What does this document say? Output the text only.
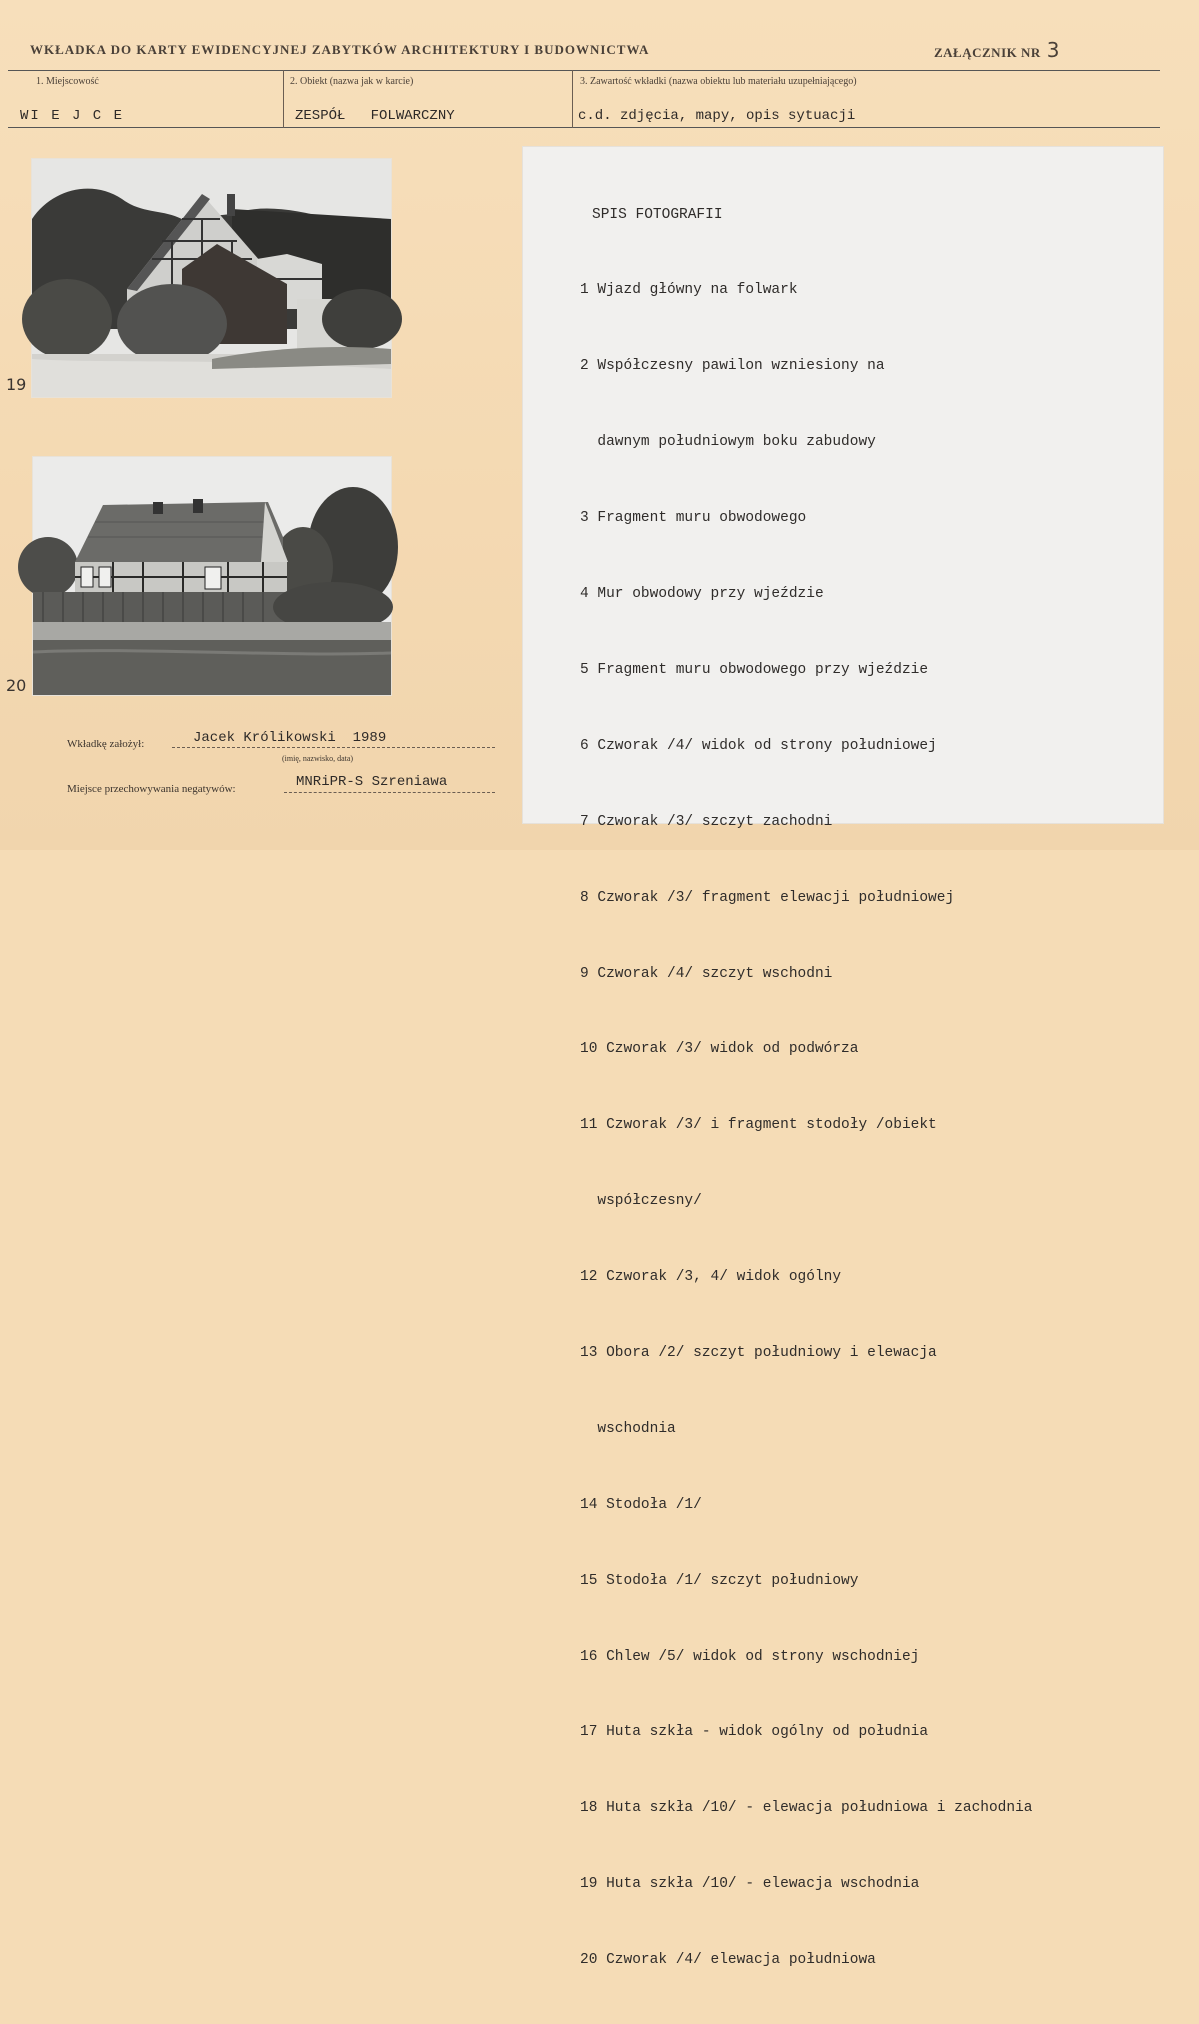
WKŁADKA DO KARTY EWIDENCYJNEJ ZABYTKÓW ARCHITEKTURY I BUDOWNICTWA	ZAŁĄCZNIK NR 3
1. Miejscowość
WI E J C E
2. Obiekt (nazwa jak w karcie)
ZESPÓŁ   FOLWARCZNY
3. Zawartość wkładki (nazwa obiektu lub materiału uzupełniającego)
c.d. zdjęcia, mapy, opis sytuacji
19
20

SPIS FOTOGRAFII

1 Wjazd główny na folwark

2 Współczesny pawilon wzniesiony na

dawnym południowym boku zabudowy

3 Fragment muru obwodowego

4 Mur obwodowy przy wjeździe

5 Fragment muru obwodowego przy wjeździe

6 Czworak /4/ widok od strony południowej

7 Czworak /3/ szczyt zachodni

8 Czworak /3/ fragment elewacji południowej

9 Czworak /4/ szczyt wschodni

10 Czworak /3/ widok od podwórza

11 Czworak /3/ i fragment stodoły /obiekt

współczesny/

12 Czworak /3, 4/ widok ogólny

13 Obora /2/ szczyt południowy i elewacja

wschodnia

14 Stodoła /1/

15 Stodoła /1/ szczyt południowy

16 Chlew /5/ widok od strony wschodniej

17 Huta szkła - widok ogólny od południa

18 Huta szkła /10/ - elewacja południowa i zachodnia

19 Huta szkła /10/ - elewacja wschodnia

20 Czworak /4/ elewacja południowa

Wkładkę założył:	Jacek Królikowski  1989
(imię, nazwisko, data)
Miejsce przechowywania negatywów:	MNRiPR-S Szreniawa
